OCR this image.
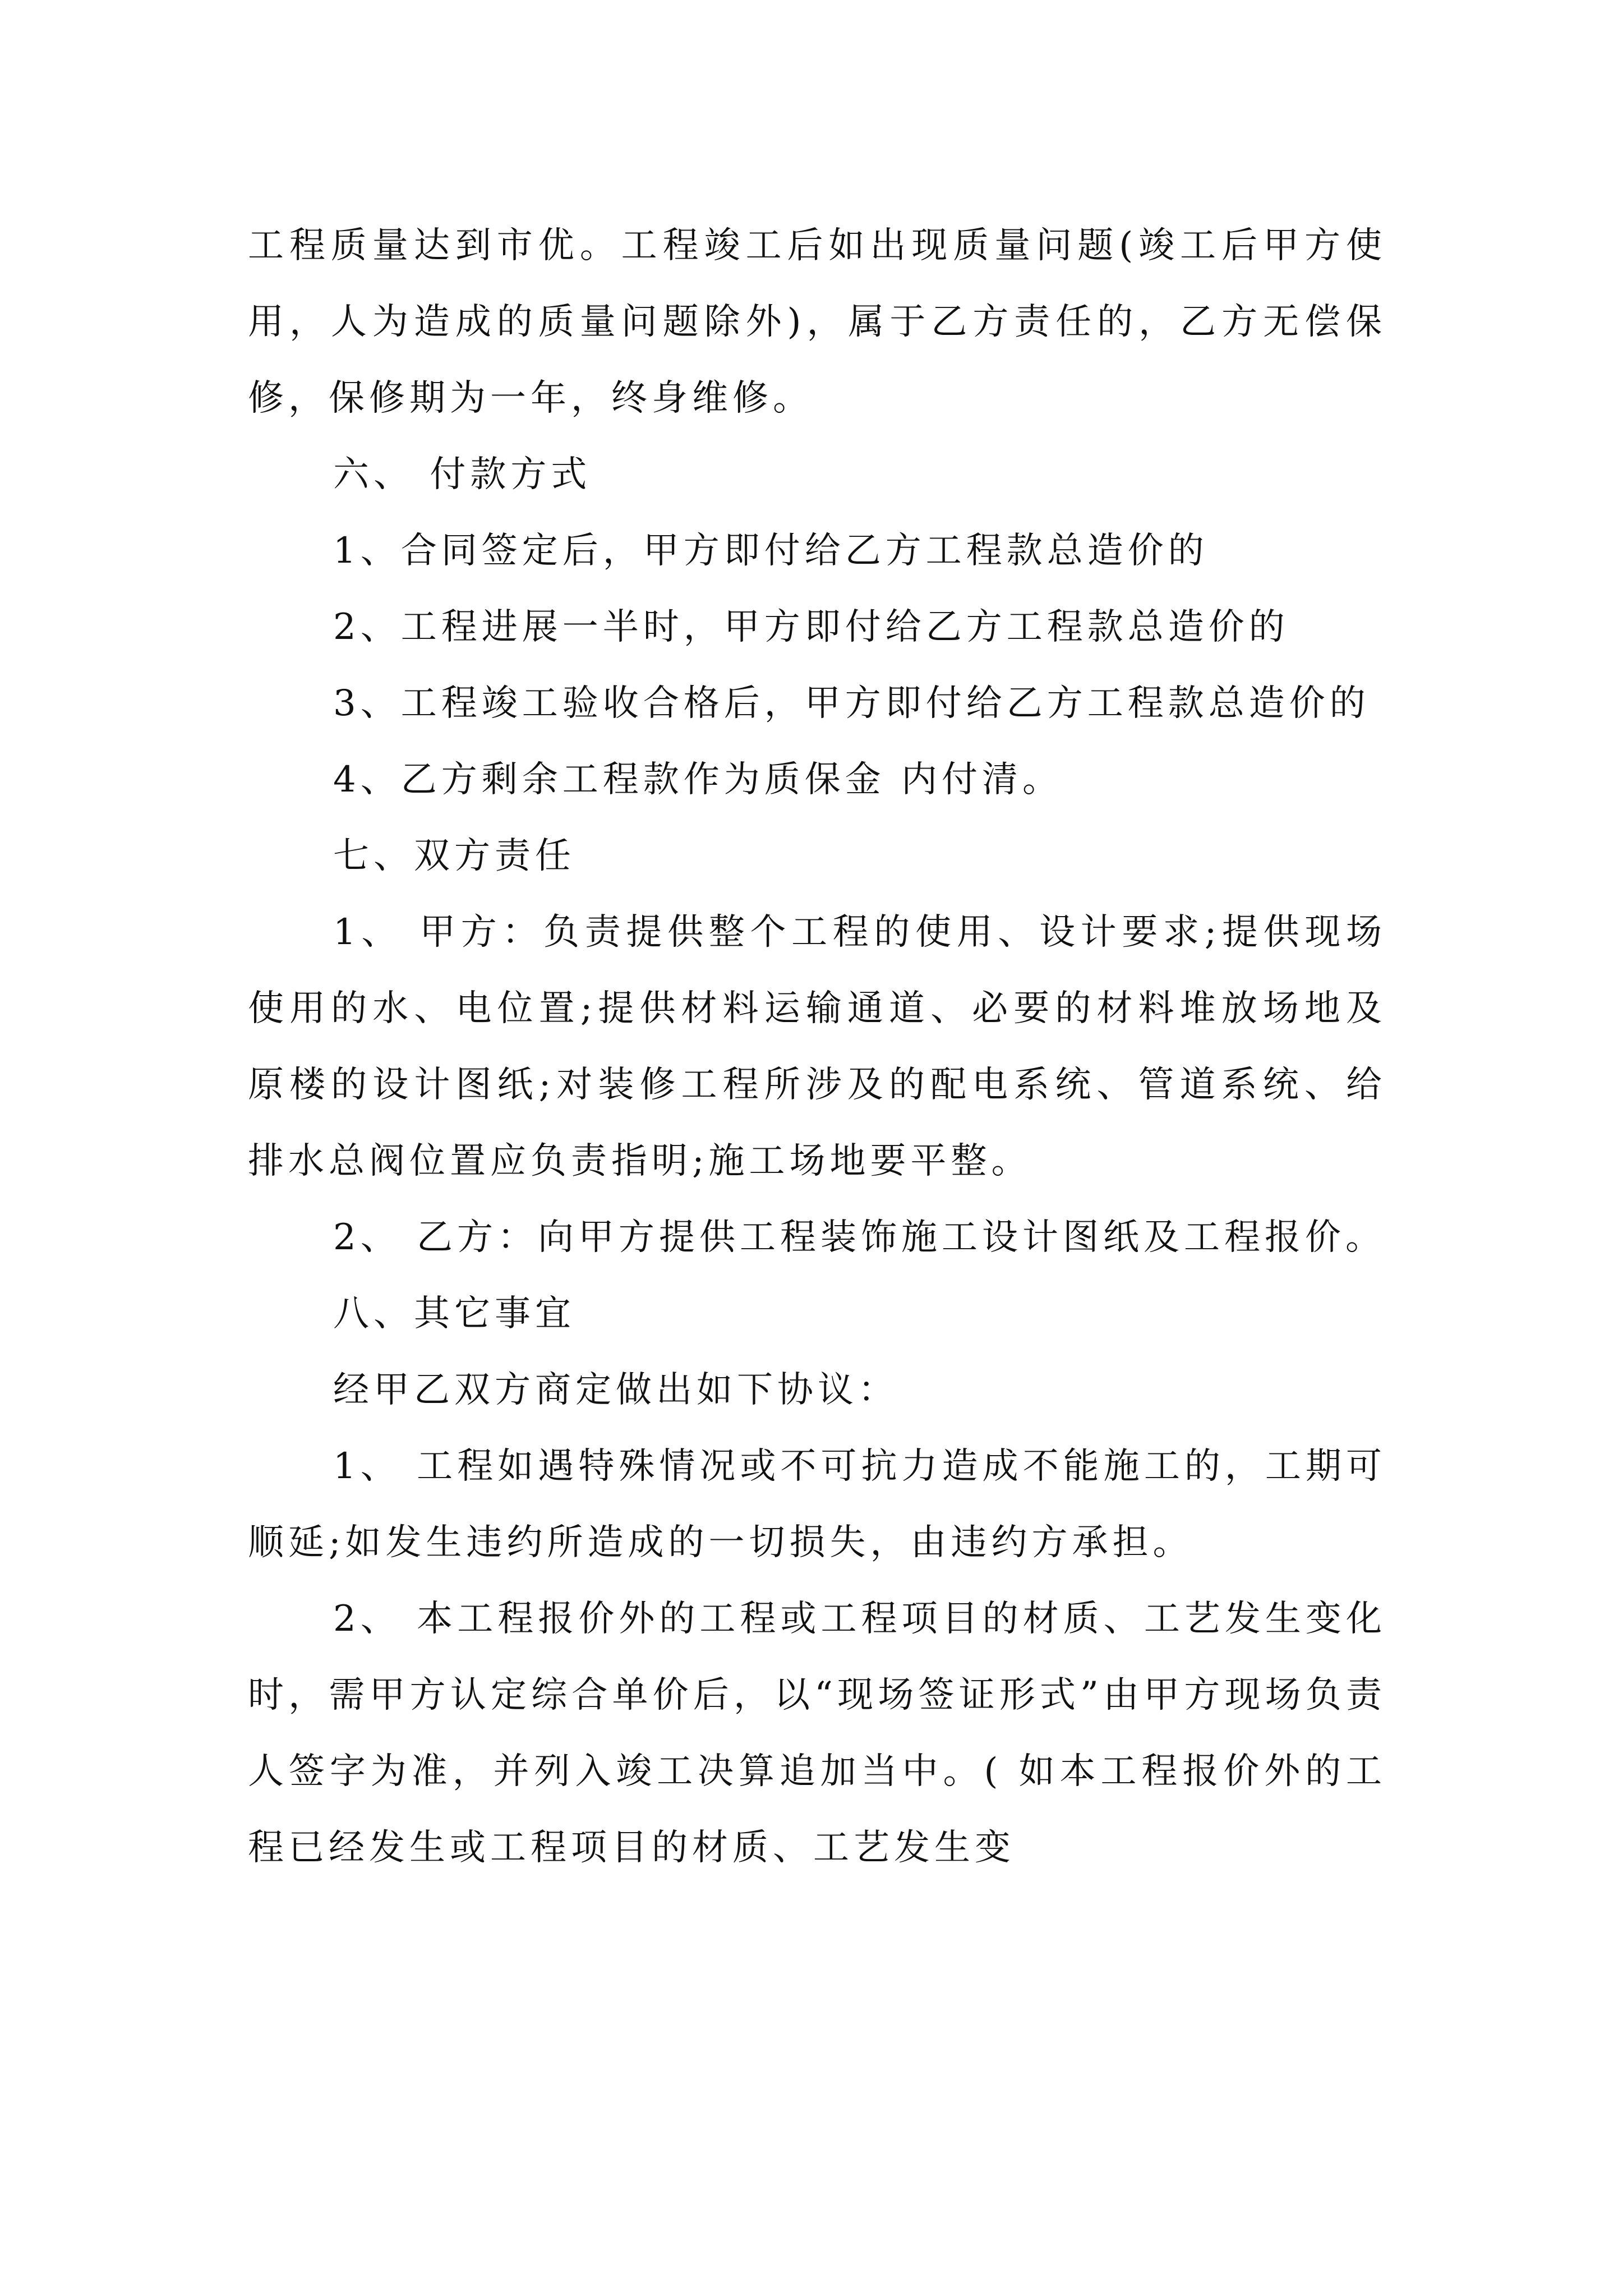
工程质量达到市优。工程竣工后如出现质量问题(竣工后甲方使用，人为造成的质量问题除外)，属于乙方责任的，乙方无偿保修，保修期为一年，终身维修。

六、 付款方式

1、合同签定后，甲方即付给乙方工程款总造价的

2、工程进展一半时，甲方即付给乙方工程款总造价的

3、工程竣工验收合格后，甲方即付给乙方工程款总造价的

4、乙方剩余工程款作为质保金 内付清。

七、双方责任

1、 甲方：负责提供整个工程的使用、设计要求;提供现场使用的水、电位置;提供材料运输通道、必要的材料堆放场地及原楼的设计图纸;对装修工程所涉及的配电系统、管道系统、给排水总阀位置应负责指明;施工场地要平整。

2、 乙方：向甲方提供工程装饰施工设计图纸及工程报价。

八、其它事宜

经甲乙双方商定做出如下协议：

1、 工程如遇特殊情况或不可抗力造成不能施工的，工期可顺延;如发生违约所造成的一切损失，由违约方承担。

2、 本工程报价外的工程或工程项目的材质、工艺发生变化时，需甲方认定综合单价后，以“现场签证形式”由甲方现场负责人签字为准，并列入竣工决算追加当中。( 如本工程报价外的工程已经发生或工程项目的材质、工艺发生变
